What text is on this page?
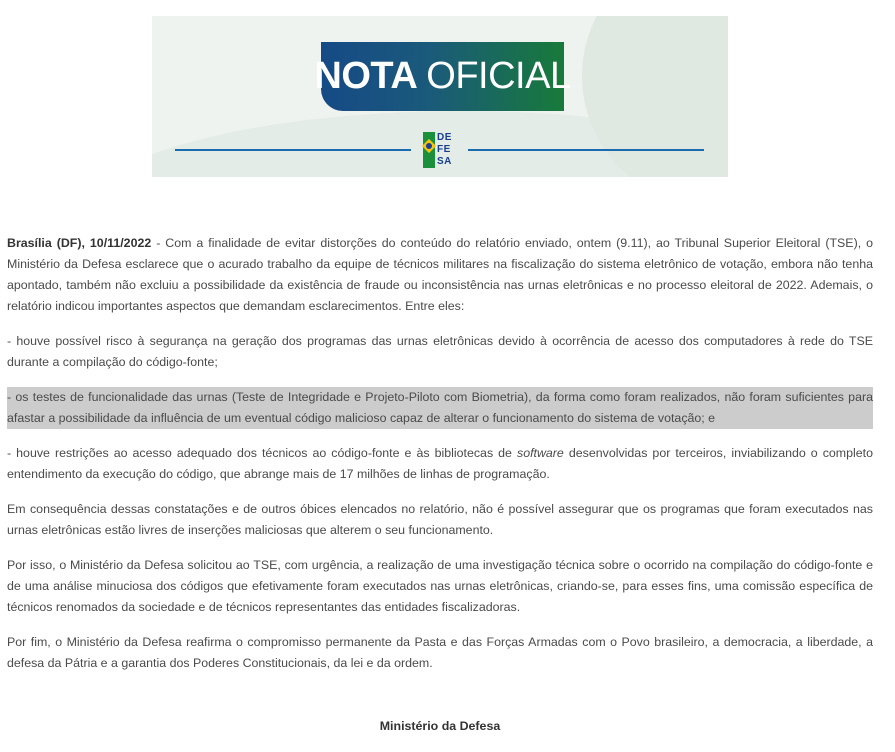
NOTA OFICIAL
DE
FE
SA

Brasília (DF), 10/11/2022 - Com a finalidade de evitar distorções do conteúdo do relatório enviado, ontem (9.11), ao Tribunal Superior Eleitoral (TSE), o Ministério da Defesa esclarece que o acurado trabalho da equipe de técnicos militares na fiscalização do sistema eletrônico de votação, embora não tenha apontado, também não excluiu a possibilidade da existência de fraude ou inconsistência nas urnas eletrônicas e no processo eleitoral de 2022. Ademais, o relatório indicou importantes aspectos que demandam esclarecimentos. Entre eles:

- houve possível risco à segurança na geração dos programas das urnas eletrônicas devido à ocorrência de acesso dos computadores à rede do TSE durante a compilação do código-fonte;

- os testes de funcionalidade das urnas (Teste de Integridade e Projeto-Piloto com Biometria), da forma como foram realizados, não foram suficientes para afastar a possibilidade da influência de um eventual código malicioso capaz de alterar o funcionamento do sistema de votação; e

- houve restrições ao acesso adequado dos técnicos ao código-fonte e às bibliotecas de software desenvolvidas por terceiros, inviabilizando o completo entendimento da execução do código, que abrange mais de 17 milhões de linhas de programação.

Em consequência dessas constatações e de outros óbices elencados no relatório, não é possível assegurar que os programas que foram executados nas urnas eletrônicas estão livres de inserções maliciosas que alterem o seu funcionamento.

Por isso, o Ministério da Defesa solicitou ao TSE, com urgência, a realização de uma investigação técnica sobre o ocorrido na compilação do código-fonte e de uma análise minuciosa dos códigos que efetivamente foram executados nas urnas eletrônicas, criando-se, para esses fins, uma comissão específica de técnicos renomados da sociedade e de técnicos representantes das entidades fiscalizadoras.

Por fim, o Ministério da Defesa reafirma o compromisso permanente da Pasta e das Forças Armadas com o Povo brasileiro, a democracia, a liberdade, a defesa da Pátria e a garantia dos Poderes Constitucionais, da lei e da ordem.

Ministério da Defesa
